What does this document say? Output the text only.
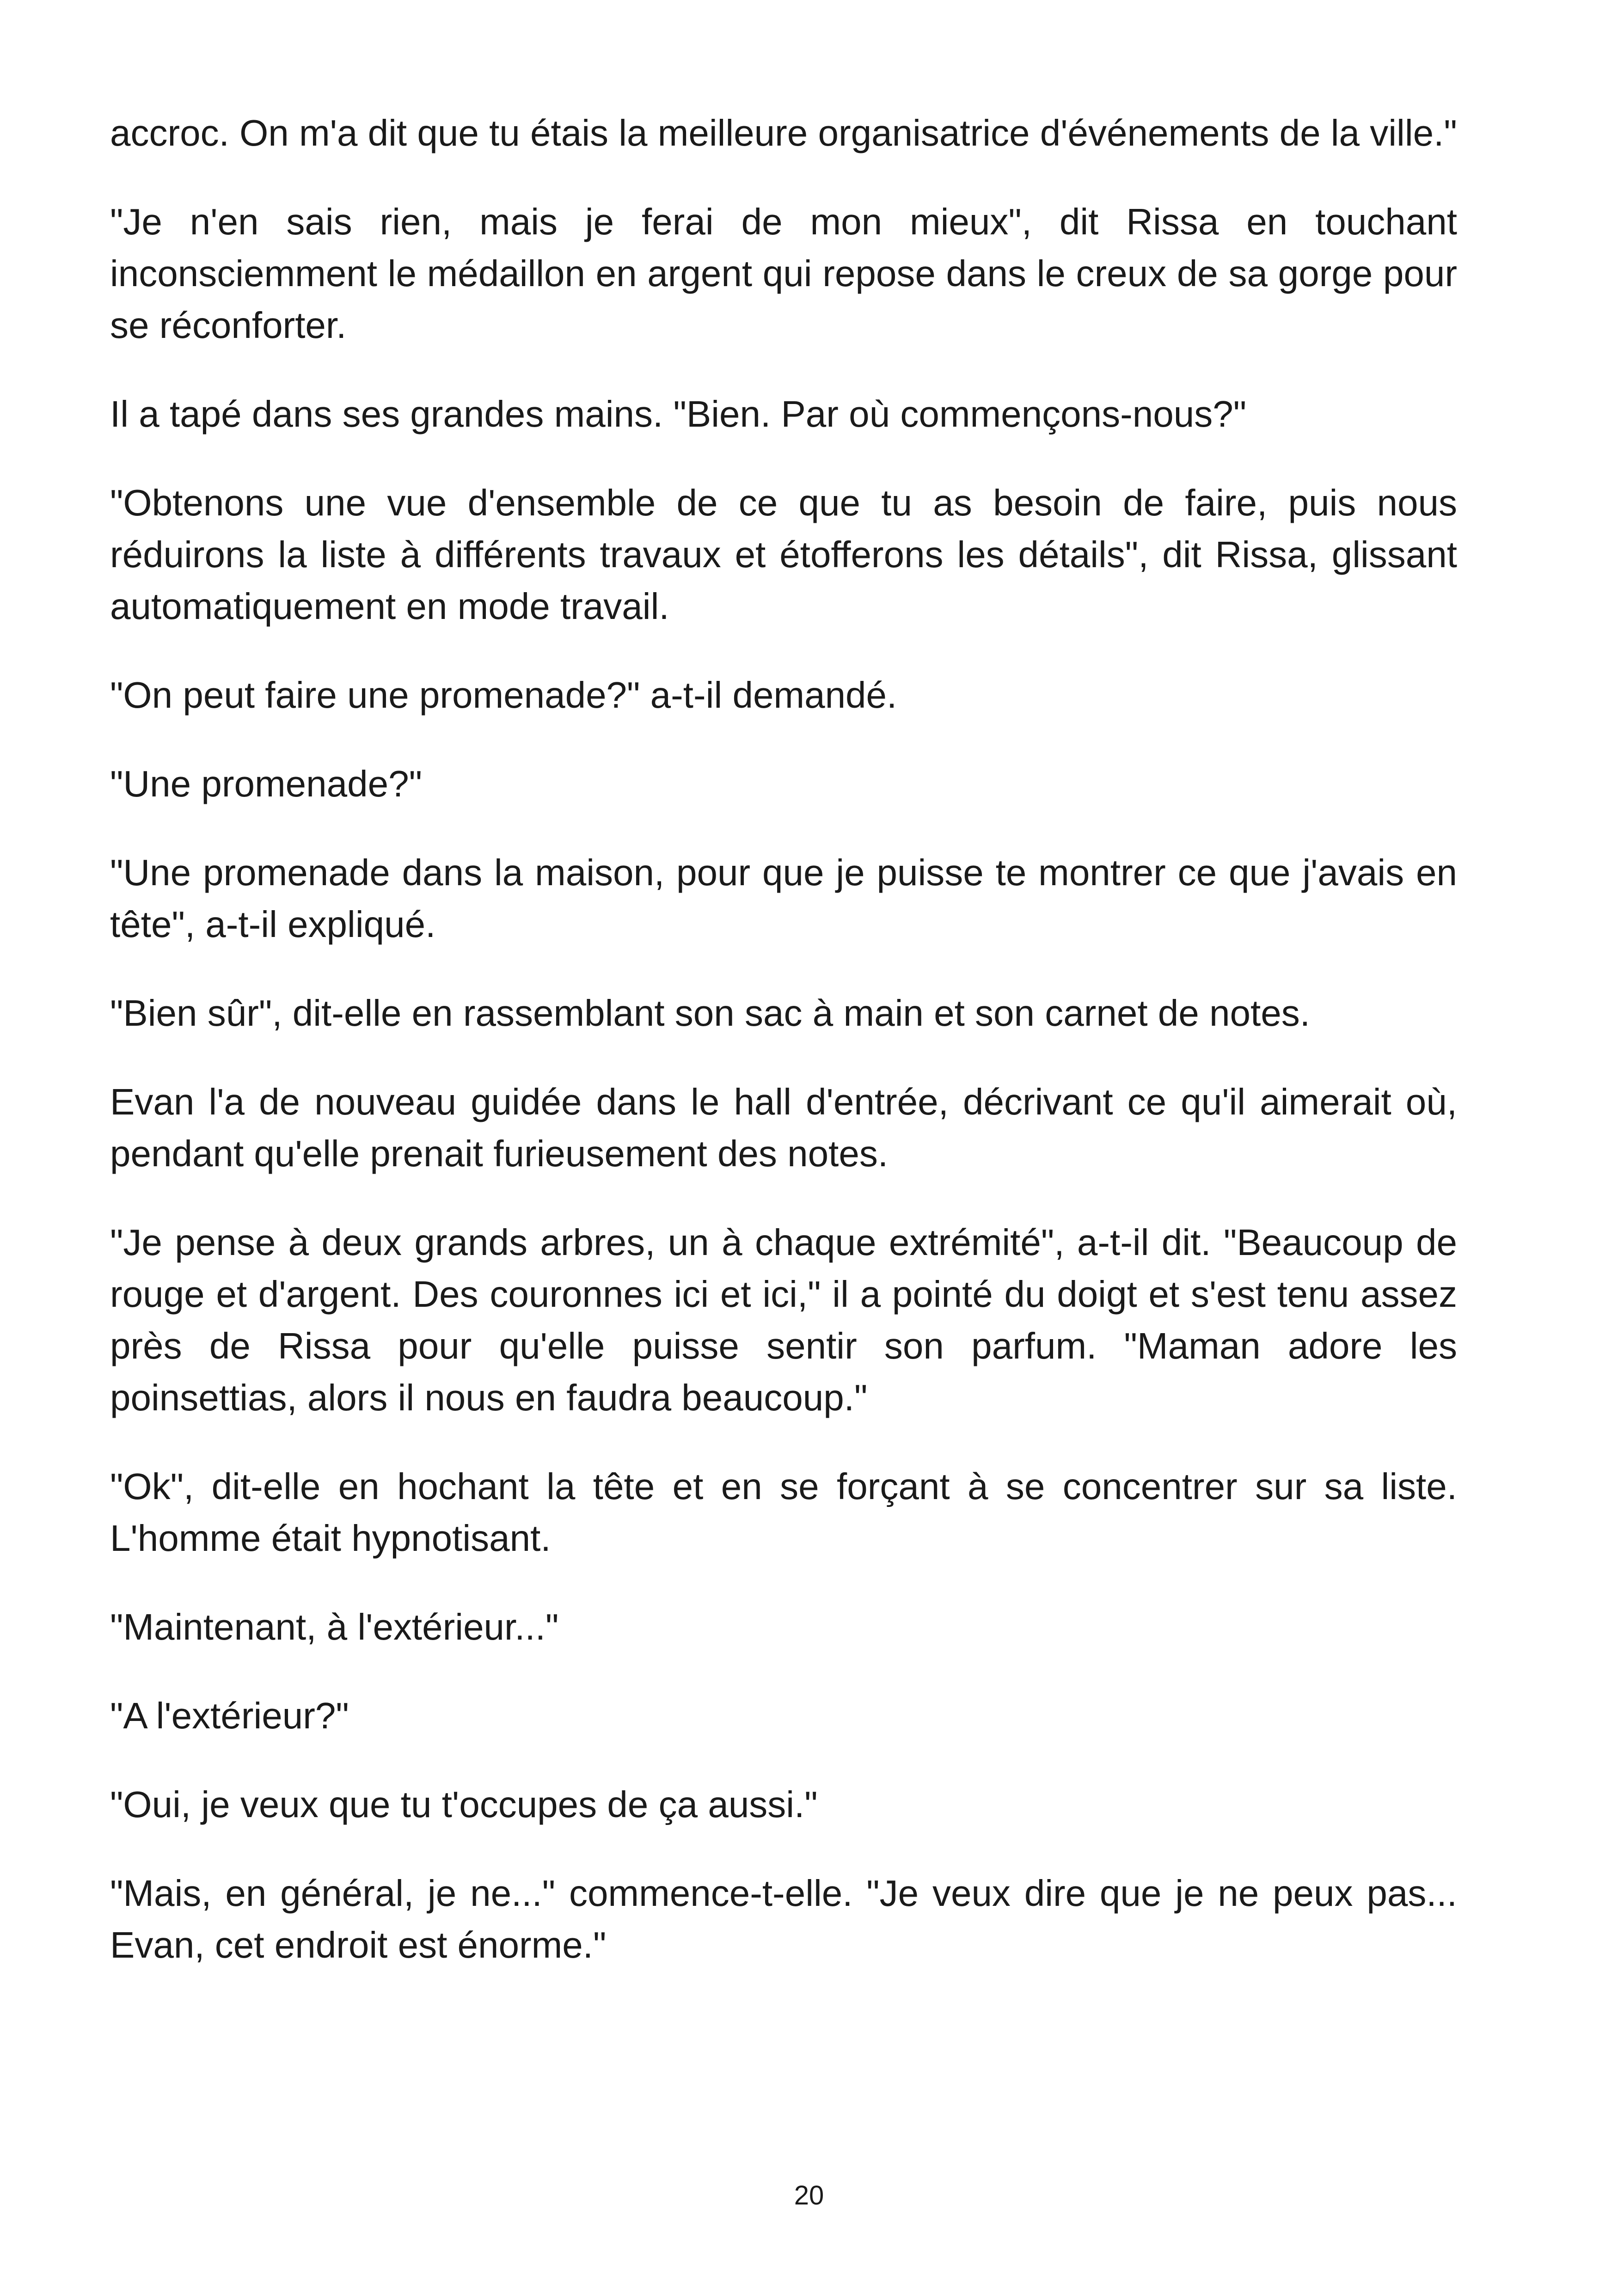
accroc. On m'a dit que tu étais la meilleure organisatrice d'événements de la ville."

"Je n'en sais rien, mais je ferai de mon mieux", dit Rissa en touchant inconsciemment le médaillon en argent qui repose dans le creux de sa gorge pour se réconforter.

Il a tapé dans ses grandes mains. "Bien. Par où commençons-nous?"

"Obtenons une vue d'ensemble de ce que tu as besoin de faire, puis nous réduirons la liste à différents travaux et étofferons les détails", dit Rissa, glissant automatiquement en mode travail.

"On peut faire une promenade?" a-t-il demandé.

"Une promenade?"

"Une promenade dans la maison, pour que je puisse te montrer ce que j'avais en tête", a-t-il expliqué.

"Bien sûr", dit-elle en rassemblant son sac à main et son carnet de notes.

Evan l'a de nouveau guidée dans le hall d'entrée, décrivant ce qu'il aimerait où, pendant qu'elle prenait furieusement des notes.

"Je pense à deux grands arbres, un à chaque extrémité", a-t-il dit. "Beaucoup de rouge et d'argent. Des couronnes ici et ici," il a pointé du doigt et s'est tenu assez près de Rissa pour qu'elle puisse sentir son parfum. "Maman adore les poinsettias, alors il nous en faudra beaucoup."

"Ok", dit-elle en hochant la tête et en se forçant à se concentrer sur sa liste. L'homme était hypnotisant.

"Maintenant, à l'extérieur..."

"A l'extérieur?"

"Oui, je veux que tu t'occupes de ça aussi."

"Mais, en général, je ne..." commence-t-elle. "Je veux dire que je ne peux pas... Evan, cet endroit est énorme."

20
